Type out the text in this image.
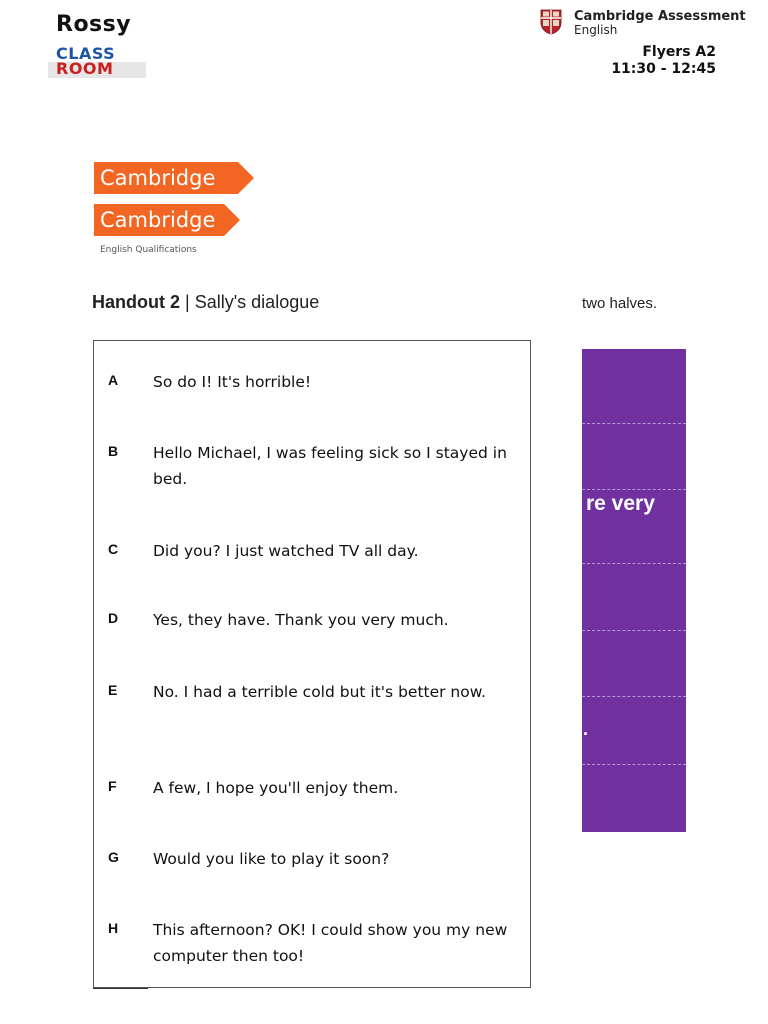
Rossy
CLASS
ROOM
Cambridge Assessment
English
Flyers A2
11:30 - 12:45
Cambridge
Cambridge
English Qualifications
Handout 2 | Sally's dialogue	two halves.
A So do I! It's horrible!
B Hello Michael, I was feeling sick so I stayed in bed.
C Did you? I just watched TV all day.
D Yes, they have. Thank you very much.
E No. I had a terrible cold but it's better now.
F A few, I hope you'll enjoy them.
G Would you like to play it soon?
H This afternoon? OK! I could show you my new computer then too!
re very
.
